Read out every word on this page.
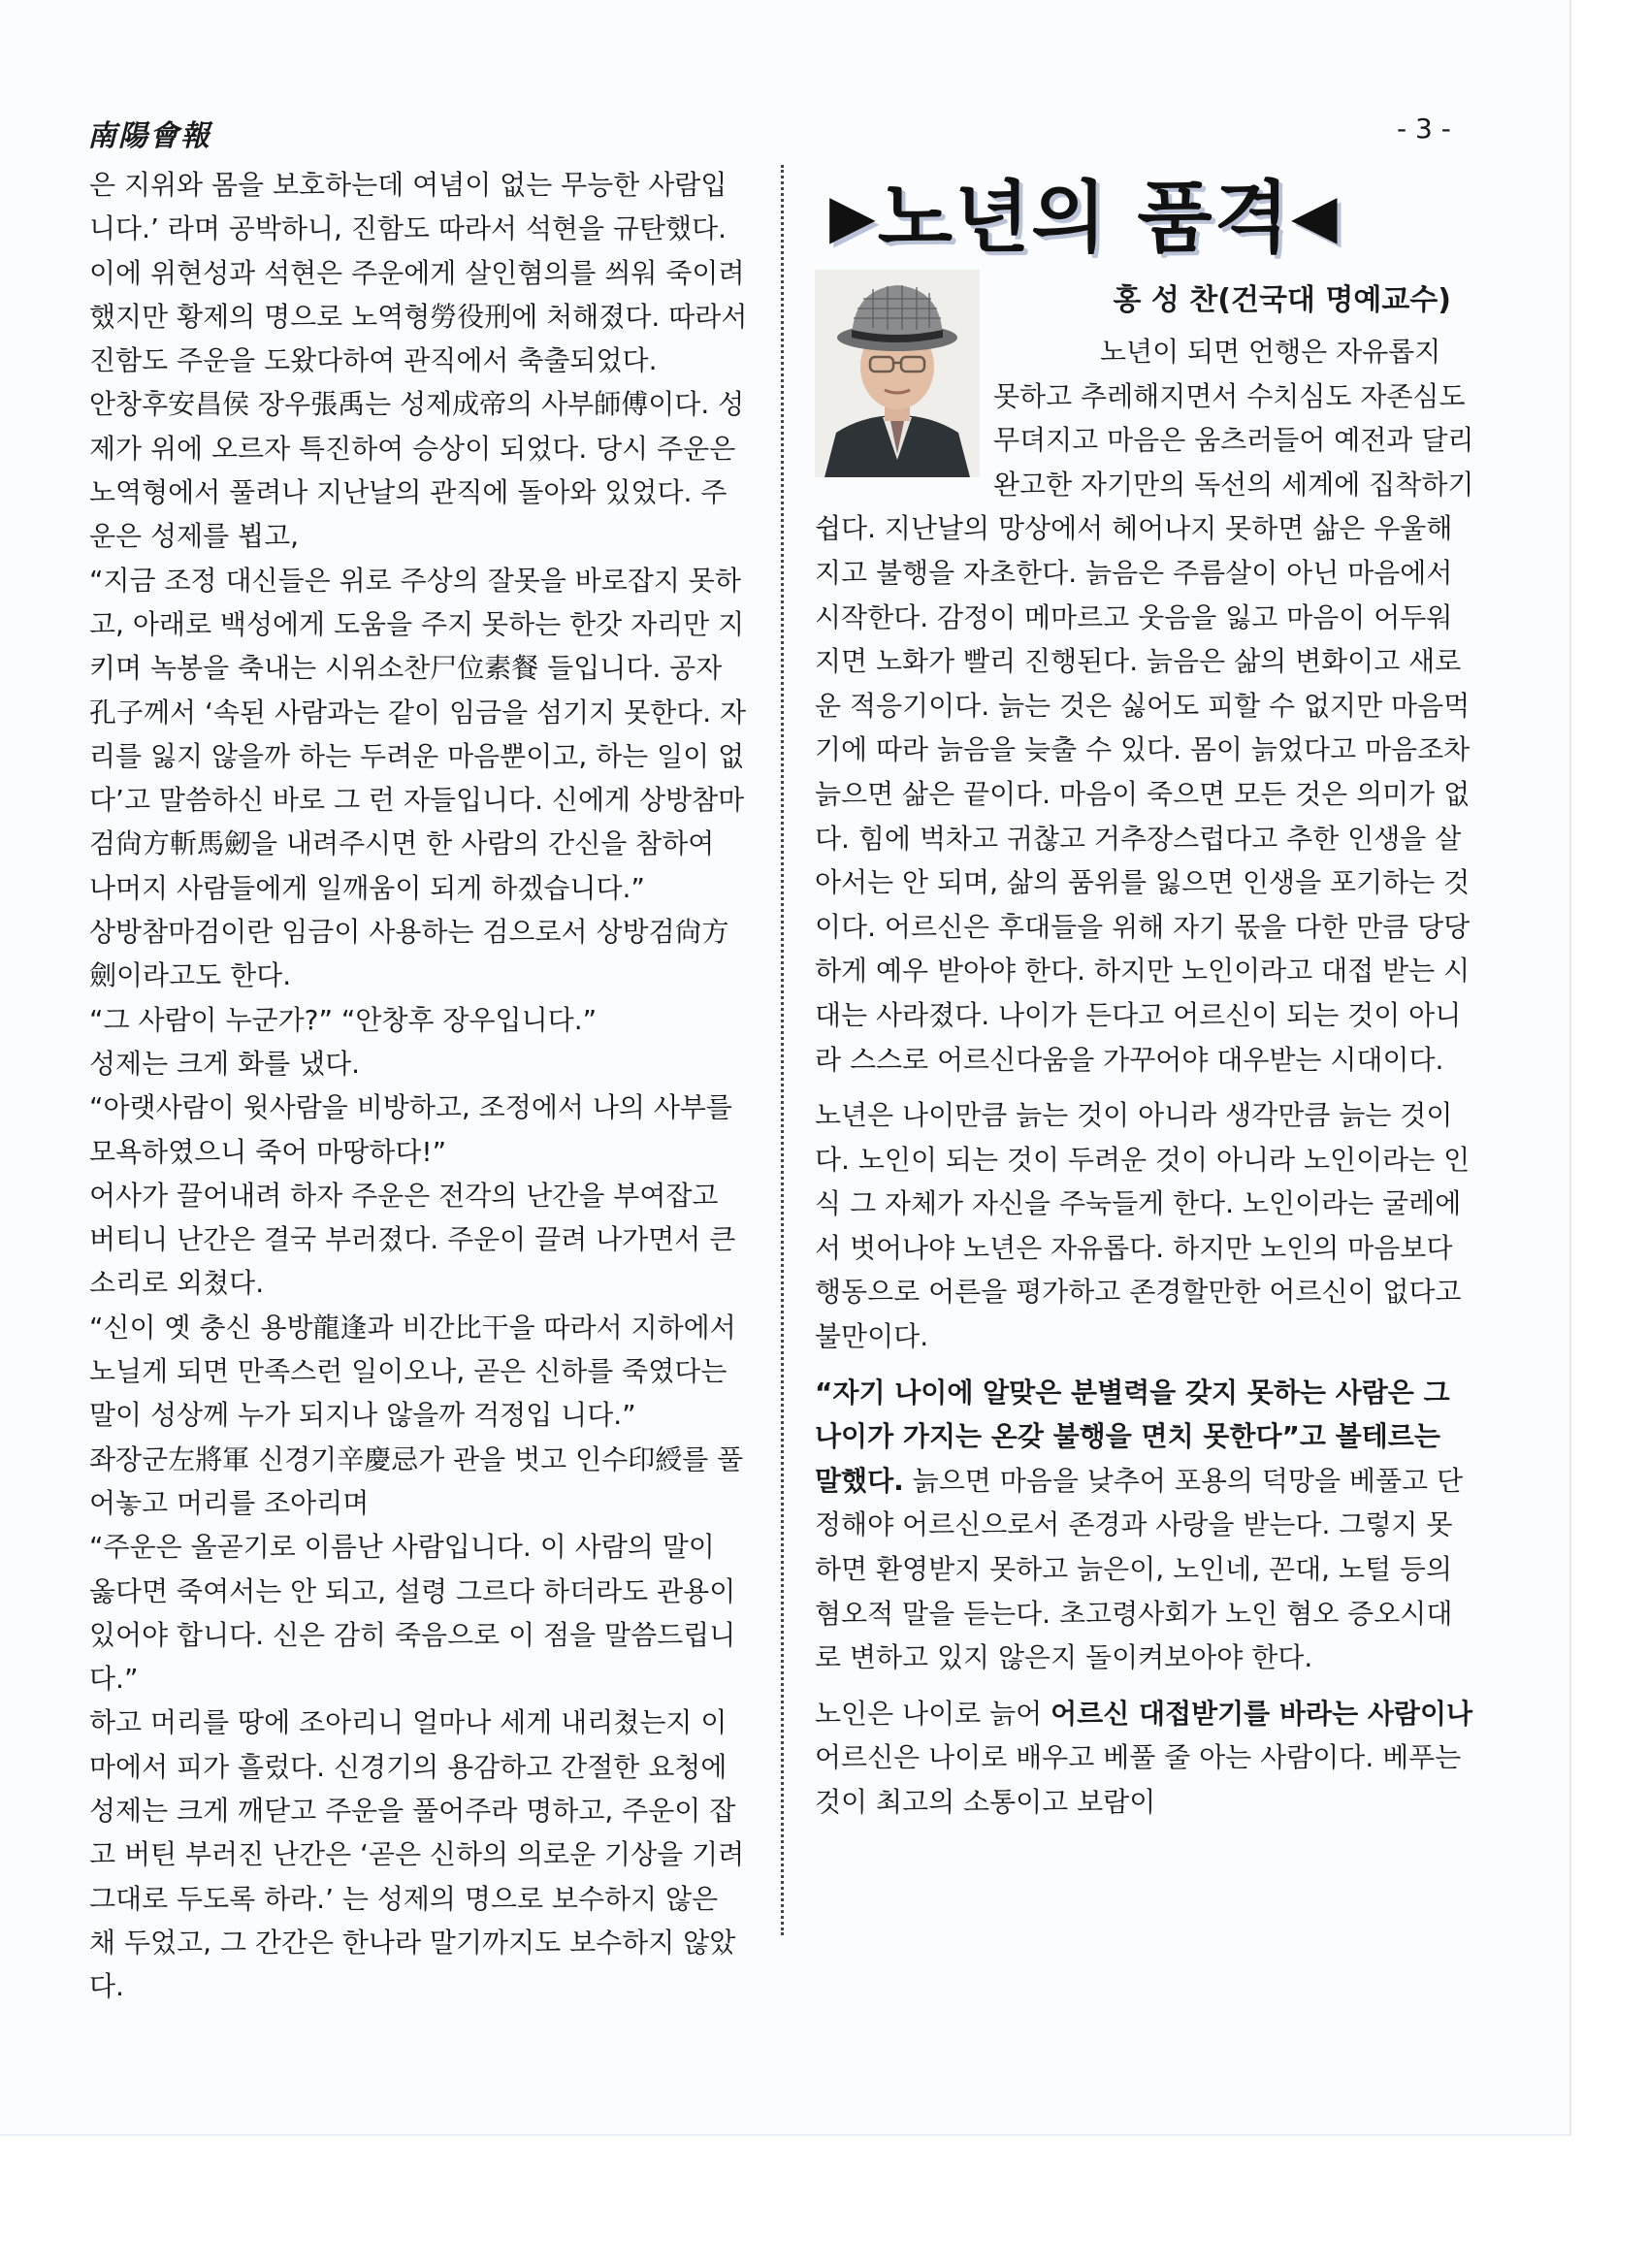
南陽會報	- 3 -

은 지위와 몸을 보호하는데 여념이 없는 무능한 사람입니다.’ 라며 공박하니, 진함도 따라서 석현을 규탄했다. 이에 위현성과 석현은 주운에게 살인혐의를 씌워 죽이려 했지만 황제의 명으로 노역형勞役刑에 처해졌다. 따라서 진함도 주운을 도왔다하여 관직에서 축출되었다.

안창후安昌侯 장우張禹는 성제成帝의 사부師傅이다. 성제가 위에 오르자 특진하여 승상이 되었다. 당시 주운은 노역형에서 풀려나 지난날의 관직에 돌아와 있었다. 주운은 성제를 뵙고,

“지금 조정 대신들은 위로 주상의 잘못을 바로잡지 못하고, 아래로 백성에게 도움을 주지 못하는 한갓 자리만 지키며 녹봉을 축내는 시위소찬尸位素餐 들입니다. 공자孔子께서 ‘속된 사람과는 같이 임금을 섬기지 못한다. 자리를 잃지 않을까 하는 두려운 마음뿐이고, 하는 일이 없다’고 말씀하신 바로 그 런 자들입니다. 신에게 상방참마검尙方斬馬劒을 내려주시면 한 사람의 간신을 참하여 나머지 사람들에게 일깨움이 되게 하겠습니다.”

상방참마검이란 임금이 사용하는 검으로서 상방검尙方劍이라고도 한다.

“그 사람이 누군가?” “안창후 장우입니다.”

성제는 크게 화를 냈다.

“아랫사람이 윗사람을 비방하고, 조정에서 나의 사부를 모욕하였으니 죽어 마땅하다!”

어사가 끌어내려 하자 주운은 전각의 난간을 부여잡고 버티니 난간은 결국 부러졌다. 주운이 끌려 나가면서 큰 소리로 외쳤다.

“신이 옛 충신 용방龍逢과 비간比干을 따라서 지하에서 노닐게 되면 만족스런 일이오나, 곧은 신하를 죽였다는 말이 성상께 누가 되지나 않을까 걱정입 니다.”

좌장군左將軍 신경기辛慶忌가 관을 벗고 인수印綬를 풀어놓고 머리를 조아리며

“주운은 올곧기로 이름난 사람입니다. 이 사람의 말이 옳다면 죽여서는 안 되고, 설령 그르다 하더라도 관용이 있어야 합니다. 신은 감히 죽음으로 이 점을 말씀드립니다.”

하고 머리를 땅에 조아리니 얼마나 세게 내리쳤는지 이마에서 피가 흘렀다. 신경기의 용감하고 간절한 요청에 성제는 크게 깨닫고 주운을 풀어주라 명하고, 주운이 잡고 버틴 부러진 난간은 ‘곧은 신하의 의로운 기상을 기려 그대로 두도록 하라.’ 는 성제의 명으로 보수하지 않은 채 두었고, 그 간간은 한나라 말기까지도 보수하지 않았다.

▶노년의 품격◀
홍 성 찬(건국대 명예교수)

노년이 되면 언행은 자유롭지 못하고 추레해지면서 수치심도 자존심도 무뎌지고 마음은 움츠러들어 예전과 달리 완고한 자기만의 독선의 세계에 집착하기 쉽다. 지난날의 망상에서 헤어나지 못하면 삶은 우울해지고 불행을 자초한다. 늙음은 주름살이 아닌 마음에서 시작한다. 감정이 메마르고 웃음을 잃고 마음이 어두워지면 노화가 빨리 진행된다. 늙음은 삶의 변화이고 새로운 적응기이다. 늙는 것은 싫어도 피할 수 없지만 마음먹기에 따라 늙음을 늦출 수 있다. 몸이 늙었다고 마음조차 늙으면 삶은 끝이다. 마음이 죽으면 모든 것은 의미가 없다. 힘에 벅차고 귀찮고 거추장스럽다고 추한 인생을 살아서는 안 되며, 삶의 품위를 잃으면 인생을 포기하는 것이다. 어르신은 후대들을 위해 자기 몫을 다한 만큼 당당하게 예우 받아야 한다. 하지만 노인이라고 대접 받는 시대는 사라졌다. 나이가 든다고 어르신이 되는 것이 아니라 스스로 어르신다움을 가꾸어야 대우받는 시대이다.

노년은 나이만큼 늙는 것이 아니라 생각만큼 늙는 것이다. 노인이 되는 것이 두려운 것이 아니라 노인이라는 인식 그 자체가 자신을 주눅들게 한다. 노인이라는 굴레에서 벗어나야 노년은 자유롭다. 하지만 노인의 마음보다 행동으로 어른을 평가하고 존경할만한 어르신이 없다고 불만이다.

“자기 나이에 알맞은 분별력을 갖지 못하는 사람은 그 나이가 가지는 온갖 불행을 면치 못한다”고 볼테르는 말했다. 늙으면 마음을 낮추어 포용의 덕망을 베풀고 단정해야 어르신으로서 존경과 사랑을 받는다. 그렇지 못하면 환영받지 못하고 늙은이, 노인네, 꼰대, 노털 등의 혐오적 말을 듣는다. 초고령사회가 노인 혐오 증오시대로 변하고 있지 않은지 돌이켜보아야 한다.

노인은 나이로 늙어 어르신 대접받기를 바라는 사람이나 어르신은 나이로 배우고 베풀 줄 아는 사람이다. 베푸는 것이 최고의 소통이고 보람이
